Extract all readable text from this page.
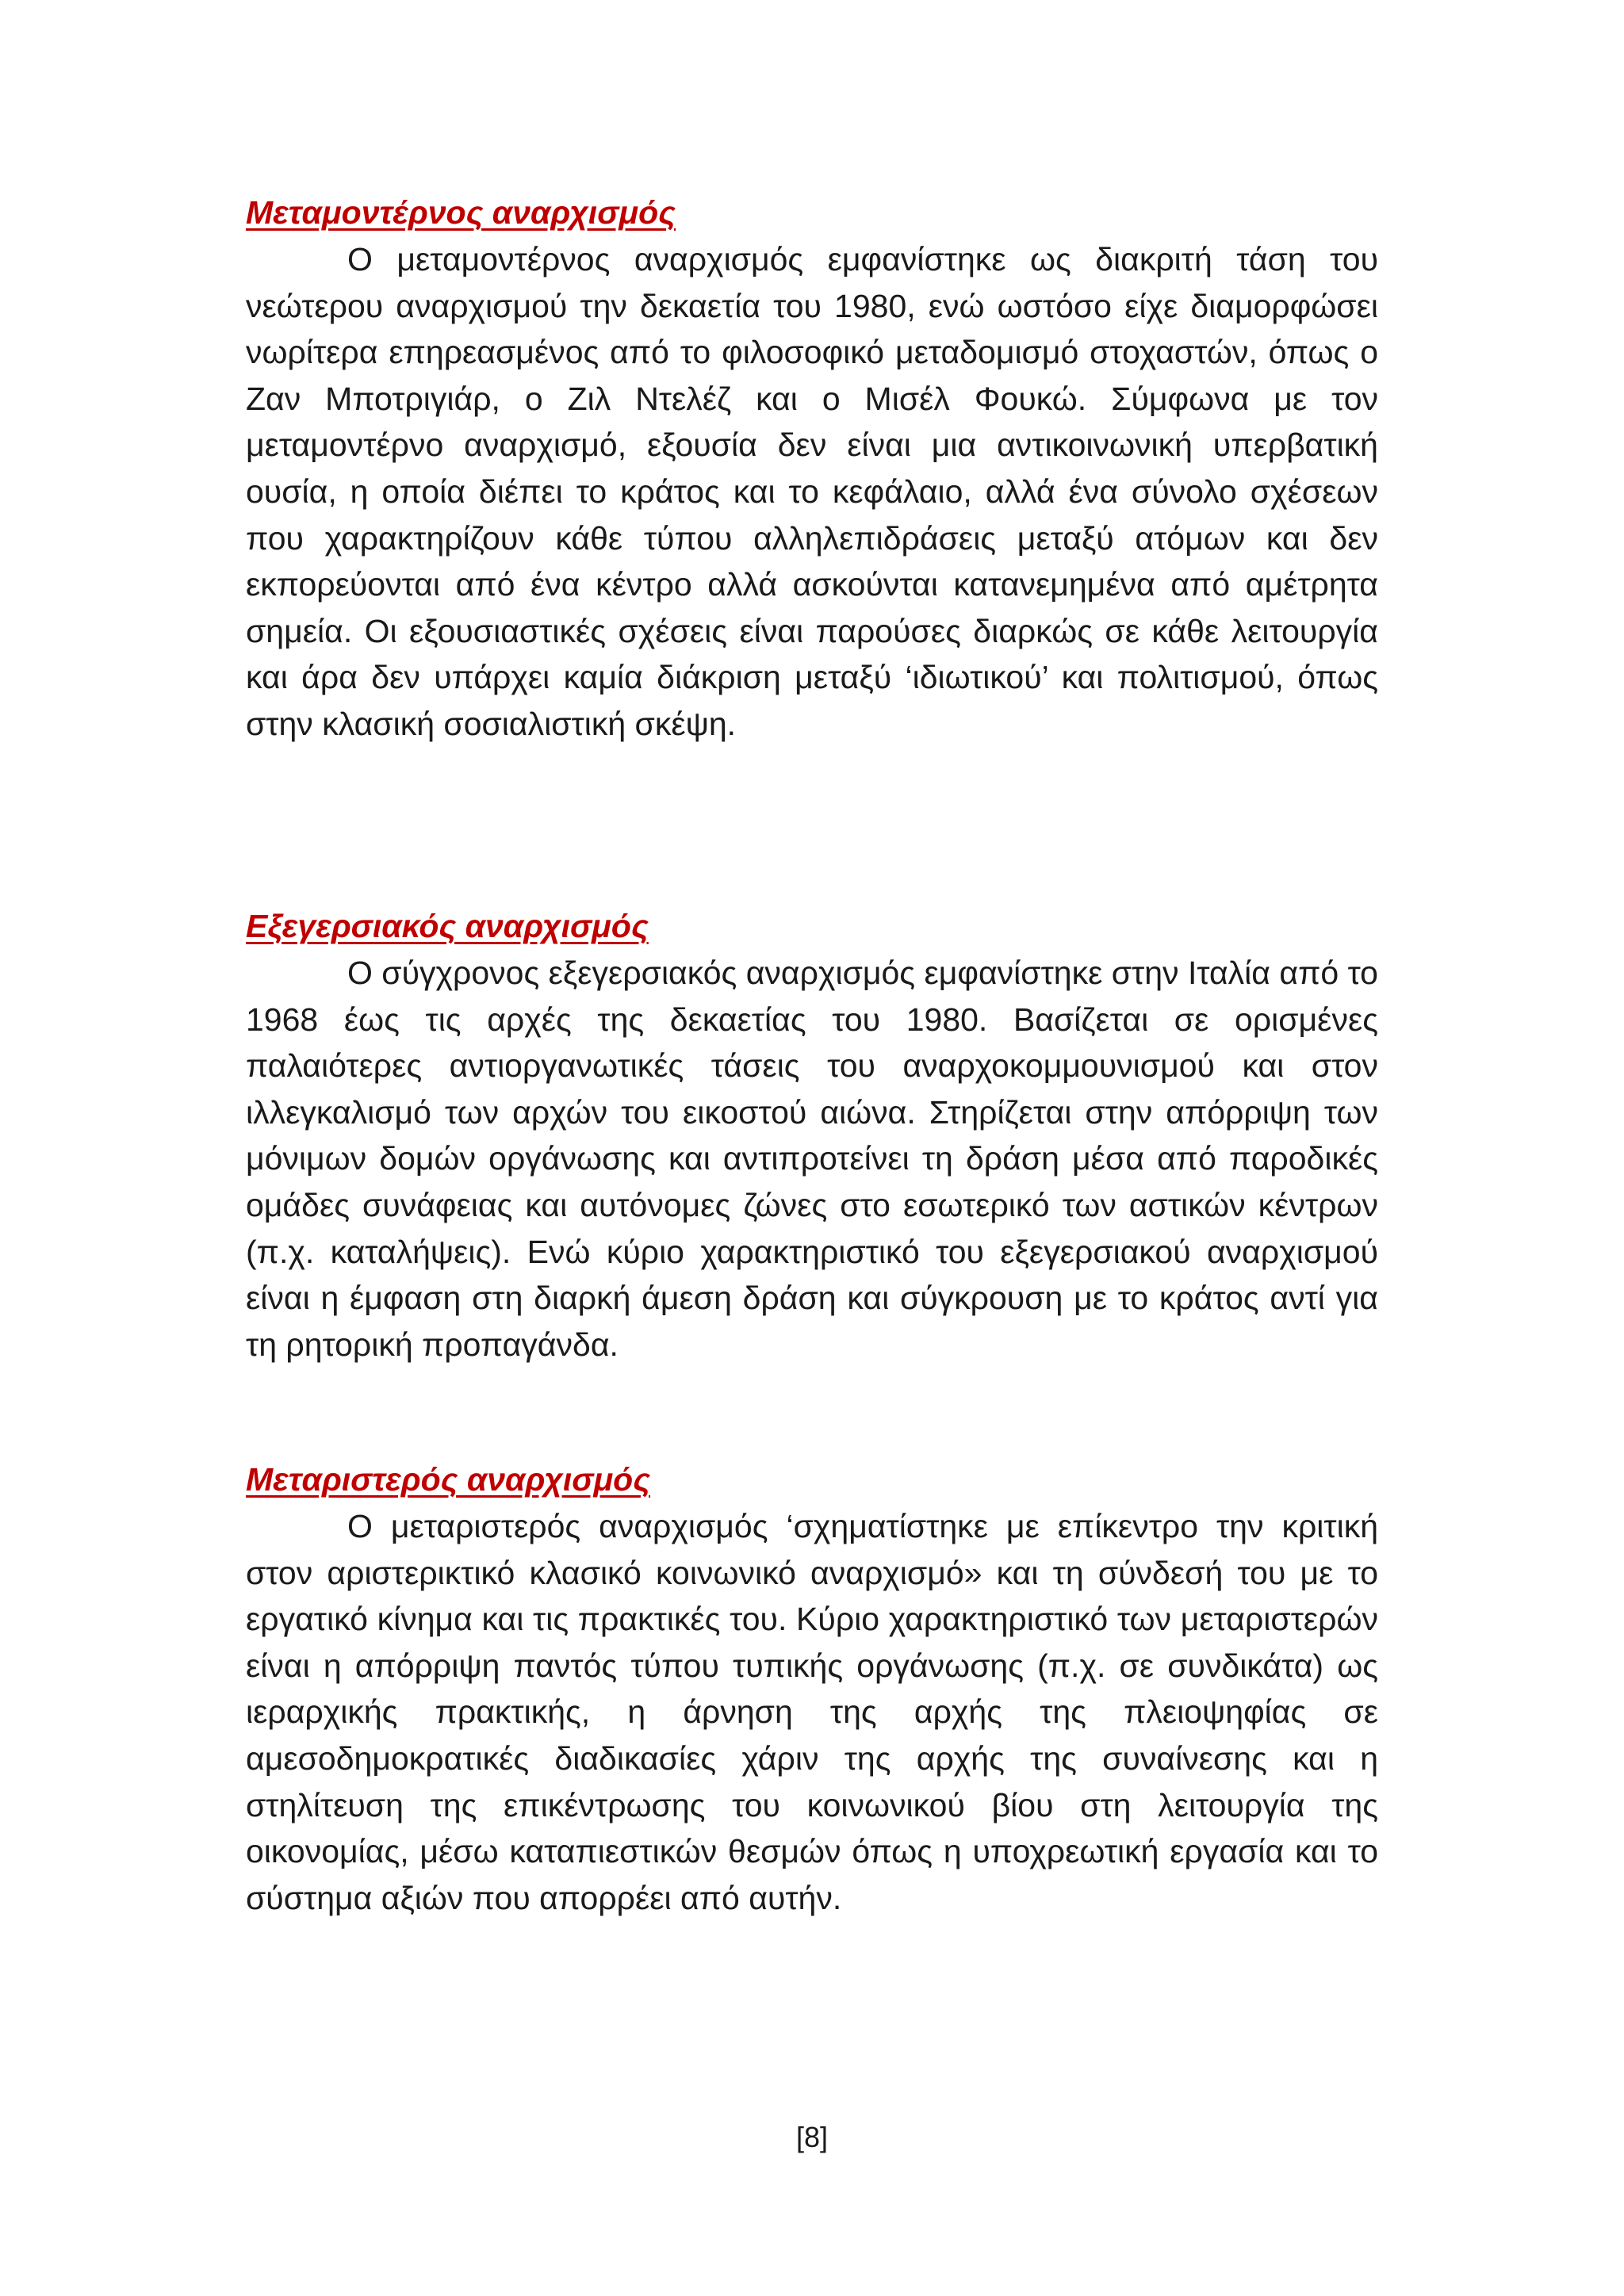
Μεταμοντέρνος αναρχισμός

Ο μεταμοντέρνος αναρχισμός εμφανίστηκε ως διακριτή τάση του νεώτερου αναρχισμού την δεκαετία του 1980, ενώ ωστόσο είχε διαμορφώσει νωρίτερα επηρεασμένος από το φιλοσοφικό μεταδομισμό στοχαστών, όπως ο Ζαν Μποτριγιάρ, ο Ζιλ Ντελέζ και ο Μισέλ Φουκώ. Σύμφωνα με τον μεταμοντέρνο αναρχισμό, εξουσία δεν είναι μια αντικοινωνική υπερβατική ουσία, η οποία διέπει το κράτος και το κεφάλαιο, αλλά ένα σύνολο σχέσεων που χαρακτηρίζουν κάθε τύπου αλληλεπιδράσεις μεταξύ ατόμων και δεν εκπορεύονται από ένα κέντρο αλλά ασκούνται κατανεμημένα από αμέτρητα σημεία. Οι εξουσιαστικές σχέσεις είναι παρούσες διαρκώς σε κάθε λειτουργία και άρα δεν υπάρχει καμία διάκριση μεταξύ ‘ιδιωτικού’ και πολιτισμού, όπως στην κλασική σοσιαλιστική σκέψη.

Εξεγερσιακός αναρχισμός

Ο σύγχρονος εξεγερσιακός αναρχισμός εμφανίστηκε στην Ιταλία από το 1968 έως τις αρχές της δεκαετίας του 1980. Βασίζεται σε ορισμένες παλαιότερες αντιοργανωτικές τάσεις του αναρχοκομμουνισμού και στον ιλλεγκαλισμό των αρχών του εικοστού αιώνα. Στηρίζεται στην απόρριψη των μόνιμων δομών οργάνωσης και αντιπροτείνει τη δράση μέσα από παροδικές ομάδες συνάφειας και αυτόνομες ζώνες στο εσωτερικό των αστικών κέντρων (π.χ. καταλήψεις). Ενώ κύριο χαρακτηριστικό του εξεγερσιακού αναρχισμού είναι η έμφαση στη διαρκή άμεση δράση και σύγκρουση με το κράτος αντί για τη ρητορική προπαγάνδα.

Μεταριστερός αναρχισμός

Ο μεταριστερός αναρχισμός ‘σχηματίστηκε με επίκεντρο την κριτική στον αριστερικτικό κλασικό κοινωνικό αναρχισμό» και τη σύνδεσή του με το εργατικό κίνημα και τις πρακτικές του. Κύριο χαρακτηριστικό των μεταριστερών είναι η απόρριψη παντός τύπου τυπικής οργάνωσης (π.χ. σε συνδικάτα) ως ιεραρχικής πρακτικής, η άρνηση της αρχής της πλειοψηφίας σε αμεσοδημοκρατικές διαδικασίες χάριν της αρχής της συναίνεσης και η στηλίτευση της επικέντρωσης του κοινωνικού βίου στη λειτουργία της οικονομίας, μέσω καταπιεστικών θεσμών όπως η υποχρεωτική εργασία και το σύστημα αξιών που απορρέει από αυτήν.

[8]
